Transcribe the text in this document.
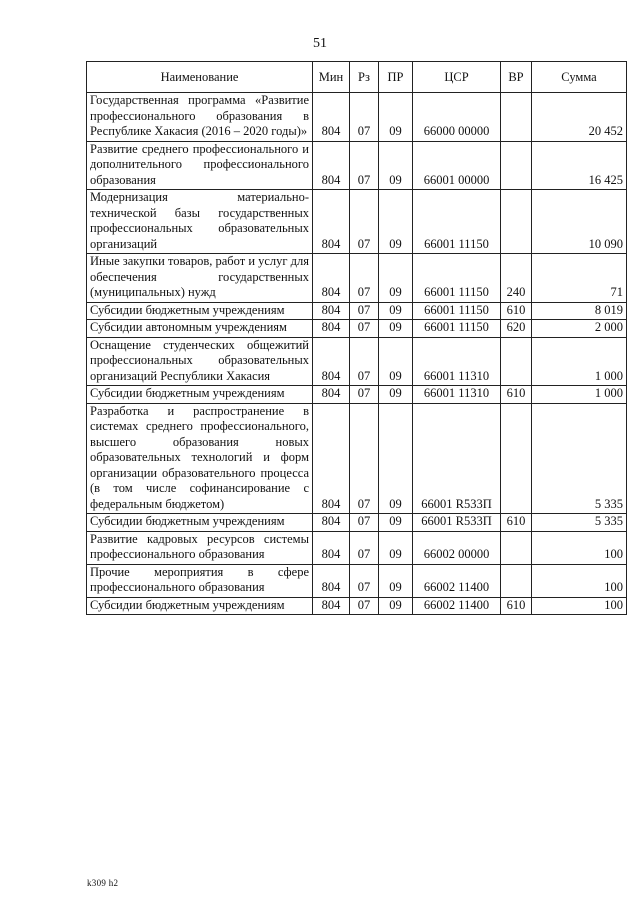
51
Наименование	Мин	Рз	ПР	ЦСР	ВР	Сумма
Государственная программа «Развитие профессионального образования в Республике Хакасия (2016 – 2020 годы)»	804	07	09	66000 00000		20 452
Развитие среднего профессионального и дополнительного профессионального образования	804	07	09	66001 00000		16 425
Модернизация материально-технической базы государственных профессиональных образовательных организаций	804	07	09	66001 11150		10 090
Иные закупки товаров, работ и услуг для обеспечения государственных (муниципальных) нужд	804	07	09	66001 11150	240	71
Субсидии бюджетным учреждениям	804	07	09	66001 11150	610	8 019
Субсидии автономным учреждениям	804	07	09	66001 11150	620	2 000
Оснащение студенческих общежитий профессиональных образовательных организаций Республики Хакасия	804	07	09	66001 11310		1 000
Субсидии бюджетным учреждениям	804	07	09	66001 11310	610	1 000
Разработка и распространение в системах среднего профессионального, высшего образования новых образовательных технологий и форм организации образовательного процесса (в том числе софинансирование с федеральным бюджетом)	804	07	09	66001 R533П		5 335
Субсидии бюджетным учреждениям	804	07	09	66001 R533П	610	5 335
Развитие кадровых ресурсов системы профессионального образования	804	07	09	66002 00000		100
Прочие мероприятия в сфере профессионального образования	804	07	09	66002 11400		100
Субсидии бюджетным учреждениям	804	07	09	66002 11400	610	100
k309 h2
